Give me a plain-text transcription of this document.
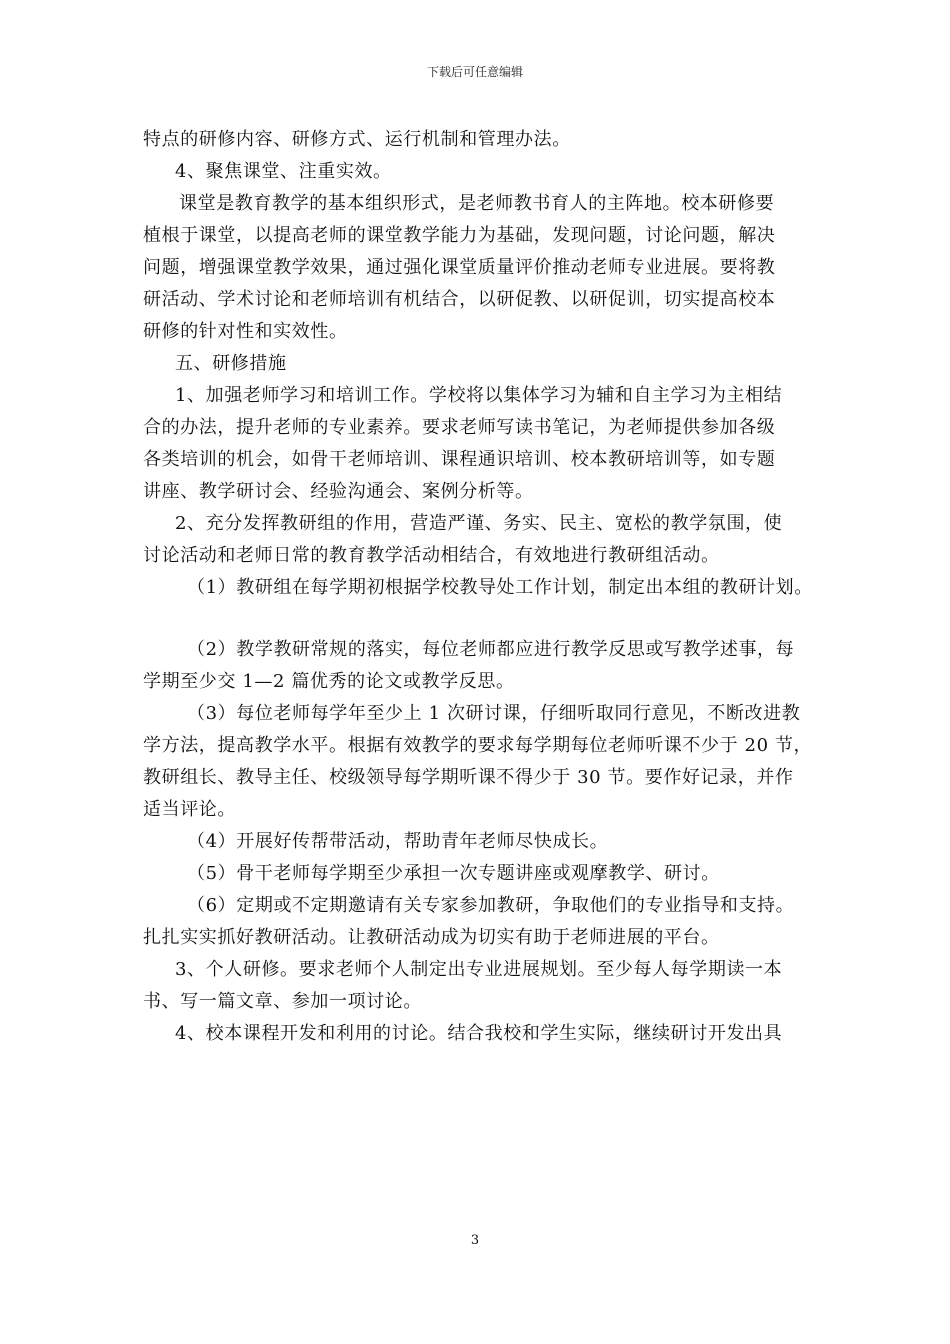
下载后可任意编辑
特点的研修内容、研修方式、运行机制和管理办法。
4、聚焦课堂、注重实效。
课堂是教育教学的基本组织形式，是老师教书育人的主阵地。校本研修要
植根于课堂，以提高老师的课堂教学能力为基础，发现问题，讨论问题，解决
问题，增强课堂教学效果，通过强化课堂质量评价推动老师专业进展。要将教
研活动、学术讨论和老师培训有机结合，以研促教、以研促训，切实提高校本
研修的针对性和实效性。
五、研修措施
1、加强老师学习和培训工作。学校将以集体学习为辅和自主学习为主相结
合的办法，提升老师的专业素养。要求老师写读书笔记，为老师提供参加各级
各类培训的机会，如骨干老师培训、课程通识培训、校本教研培训等，如专题
讲座、教学研讨会、经验沟通会、案例分析等。
2、充分发挥教研组的作用，营造严谨、务实、民主、宽松的教学氛围，使
讨论活动和老师日常的教育教学活动相结合，有效地进行教研组活动。
（1）教研组在每学期初根据学校教导处工作计划，制定出本组的教研计划。
（2）教学教研常规的落实，每位老师都应进行教学反思或写教学述事，每
学期至少交 1—2 篇优秀的论文或教学反思。
（3）每位老师每学年至少上 1 次研讨课，仔细听取同行意见，不断改进教
学方法，提高教学水平。根据有效教学的要求每学期每位老师听课不少于 20 节，
教研组长、教导主任、校级领导每学期听课不得少于 30 节。要作好记录，并作
适当评论。
（4）开展好传帮带活动，帮助青年老师尽快成长。
（5）骨干老师每学期至少承担一次专题讲座或观摩教学、研讨。
（6）定期或不定期邀请有关专家参加教研，争取他们的专业指导和支持。
扎扎实实抓好教研活动。让教研活动成为切实有助于老师进展的平台。
3、个人研修。要求老师个人制定出专业进展规划。至少每人每学期读一本
书、写一篇文章、参加一项讨论。
4、校本课程开发和利用的讨论。结合我校和学生实际，继续研讨开发出具
3
